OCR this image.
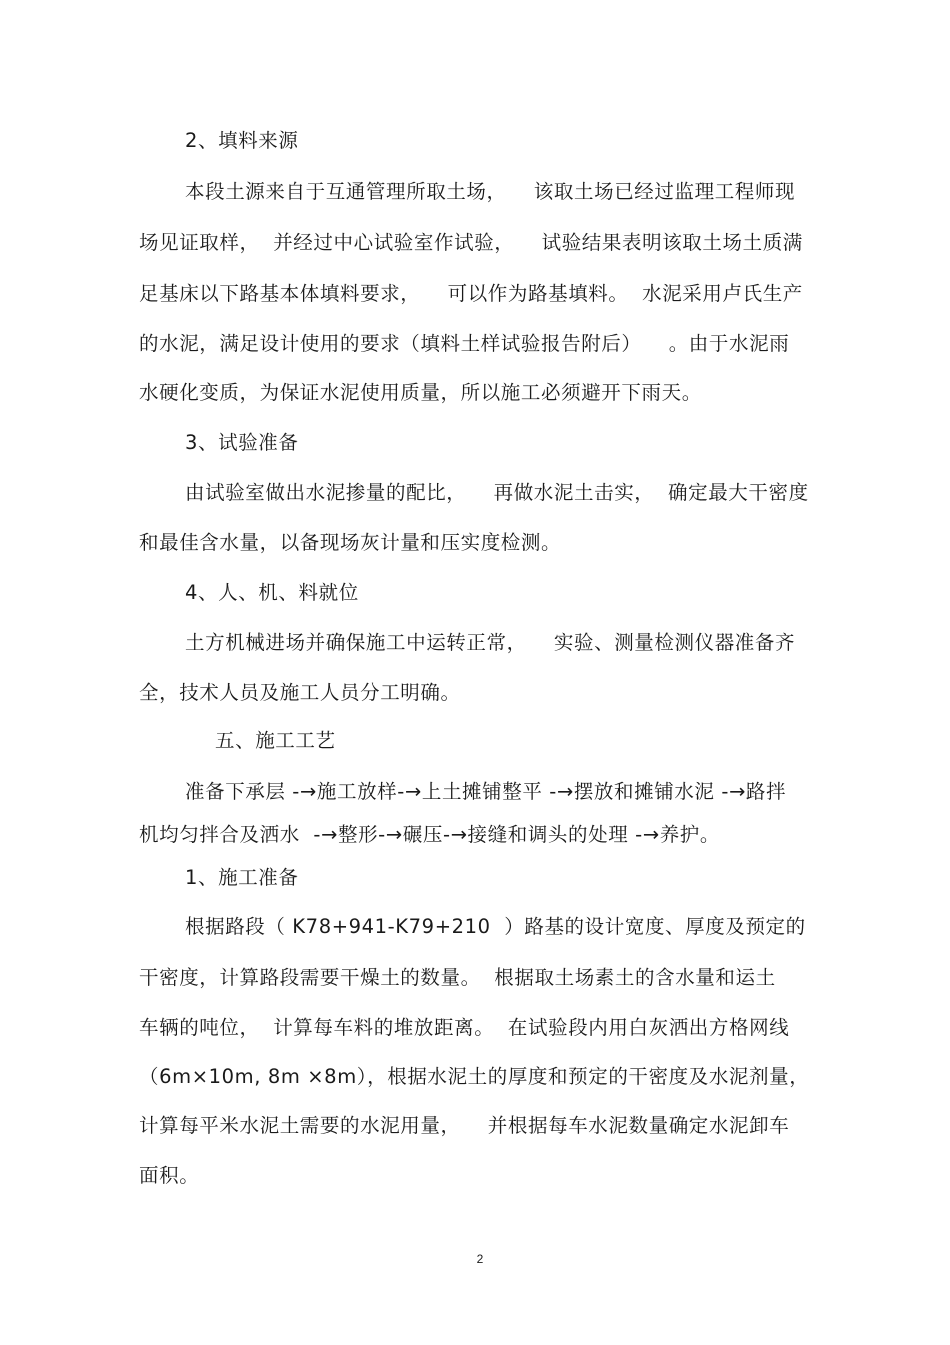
2、填料来源
本段土源来自于互通管理所取土场，    该取土场已经过监理工程师现
场见证取样，  并经过中心试验室作试验，    试验结果表明该取土场土质满
足基床以下路基本体填料要求，    可以作为路基填料。  水泥采用卢氏生产
的水泥，满足设计使用的要求（填料土样试验报告附后）    。由于水泥雨
水硬化变质，为保证水泥使用质量，所以施工必须避开下雨天。
3、试验准备
由试验室做出水泥掺量的配比，    再做水泥土击实，  确定最大干密度
和最佳含水量，以备现场灰计量和压实度检测。
4、人、机、料就位
土方机械进场并确保施工中运转正常，    实验、测量检测仪器准备齐
全，技术人员及施工人员分工明确。
五、施工工艺
准备下承层 -→施工放样-→上土摊铺整平 -→摆放和摊铺水泥 -→路拌
机均匀拌合及洒水  -→整形-→碾压-→接缝和调头的处理 -→养护。
1、施工准备
根据路段（ K78+941-K79+210  ）路基的设计宽度、厚度及预定的
干密度，计算路段需要干燥土的数量。  根据取土场素土的含水量和运土
车辆的吨位，  计算每车料的堆放距离。  在试验段内用白灰洒出方格网线
（6m×10m, 8m ×8m），根据水泥土的厚度和预定的干密度及水泥剂量，
计算每平米水泥土需要的水泥用量，    并根据每车水泥数量确定水泥卸车
面积。
2
